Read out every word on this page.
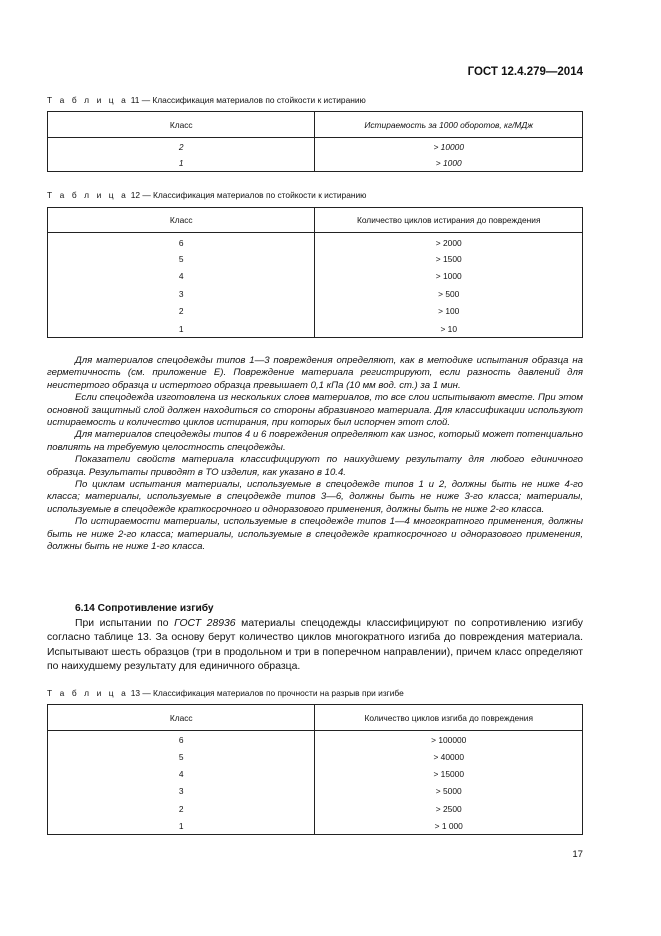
ГОСТ 12.4.279—2014
Т а б л и ц а 11 — Классификация материалов по стойкости к истиранию
Класс	Истираемость за 1000 оборотов, кг/МДж
2	> 10000
1	> 1000
Т а б л и ц а 12 — Классификация материалов по стойкости к истиранию
Класс	Количество циклов истирания до повреждения
6	> 2000
5	> 1500
4	> 1000
3	> 500
2	> 100
1	> 10

Для материалов спецодежды типов 1—3 повреждения определяют, как в методике испытания образца на герметичность (см. приложение Е). Повреждение материала регистрируют, если разность давлений для неистертого образца и истертого образца превышает 0,1 кПа (10 мм вод. ст.) за 1 мин.

Если спецодежда изготовлена из нескольких слоев материалов, то все слои испытывают вместе. При этом основной защитный слой должен находиться со стороны абразивного материала. Для классификации используют истираемость и количество циклов истирания, при которых был испорчен этот слой.

Для материалов спецодежды типов 4 и 6 повреждения определяют как износ, который может потенциально повлиять на требуемую целостность спецодежды.

Показатели свойств материала классифицируют по наихудшему результату для любого единичного образца. Результаты приводят в ТО изделия, как указано в 10.4.

По циклам испытания материалы, используемые в спецодежде типов 1 и 2, должны быть не ниже 4-го класса; материалы, используемые в спецодежде типов 3—6, должны быть не ниже 3-го класса; материалы, используемые в спецодежде краткосрочного и одноразового применения, должны быть не ниже 2-го класса.

По истираемости материалы, используемые в спецодежде типов 1—4 многократного применения, должны быть не ниже 2-го класса; материалы, используемые в спецодежде краткосрочного и одноразового применения, должны быть не ниже 1-го класса.

6.14 Сопротивление изгибу

При испытании по ГОСТ 28936 материалы спецодежды классифицируют по сопротивлению изгибу согласно таблице 13. За основу берут количество циклов многократного изгиба до повреждения материала. Испытывают шесть образцов (три в продольном и три в поперечном направлении), причем класс определяют по наихудшему результату для единичного образца.

Т а б л и ц а 13 — Классификация материалов по прочности на разрыв при изгибе
Класс	Количество циклов изгиба до повреждения
6	> 100000
5	> 40000
4	> 15000
3	> 5000
2	> 2500
1	> 1 000
17
